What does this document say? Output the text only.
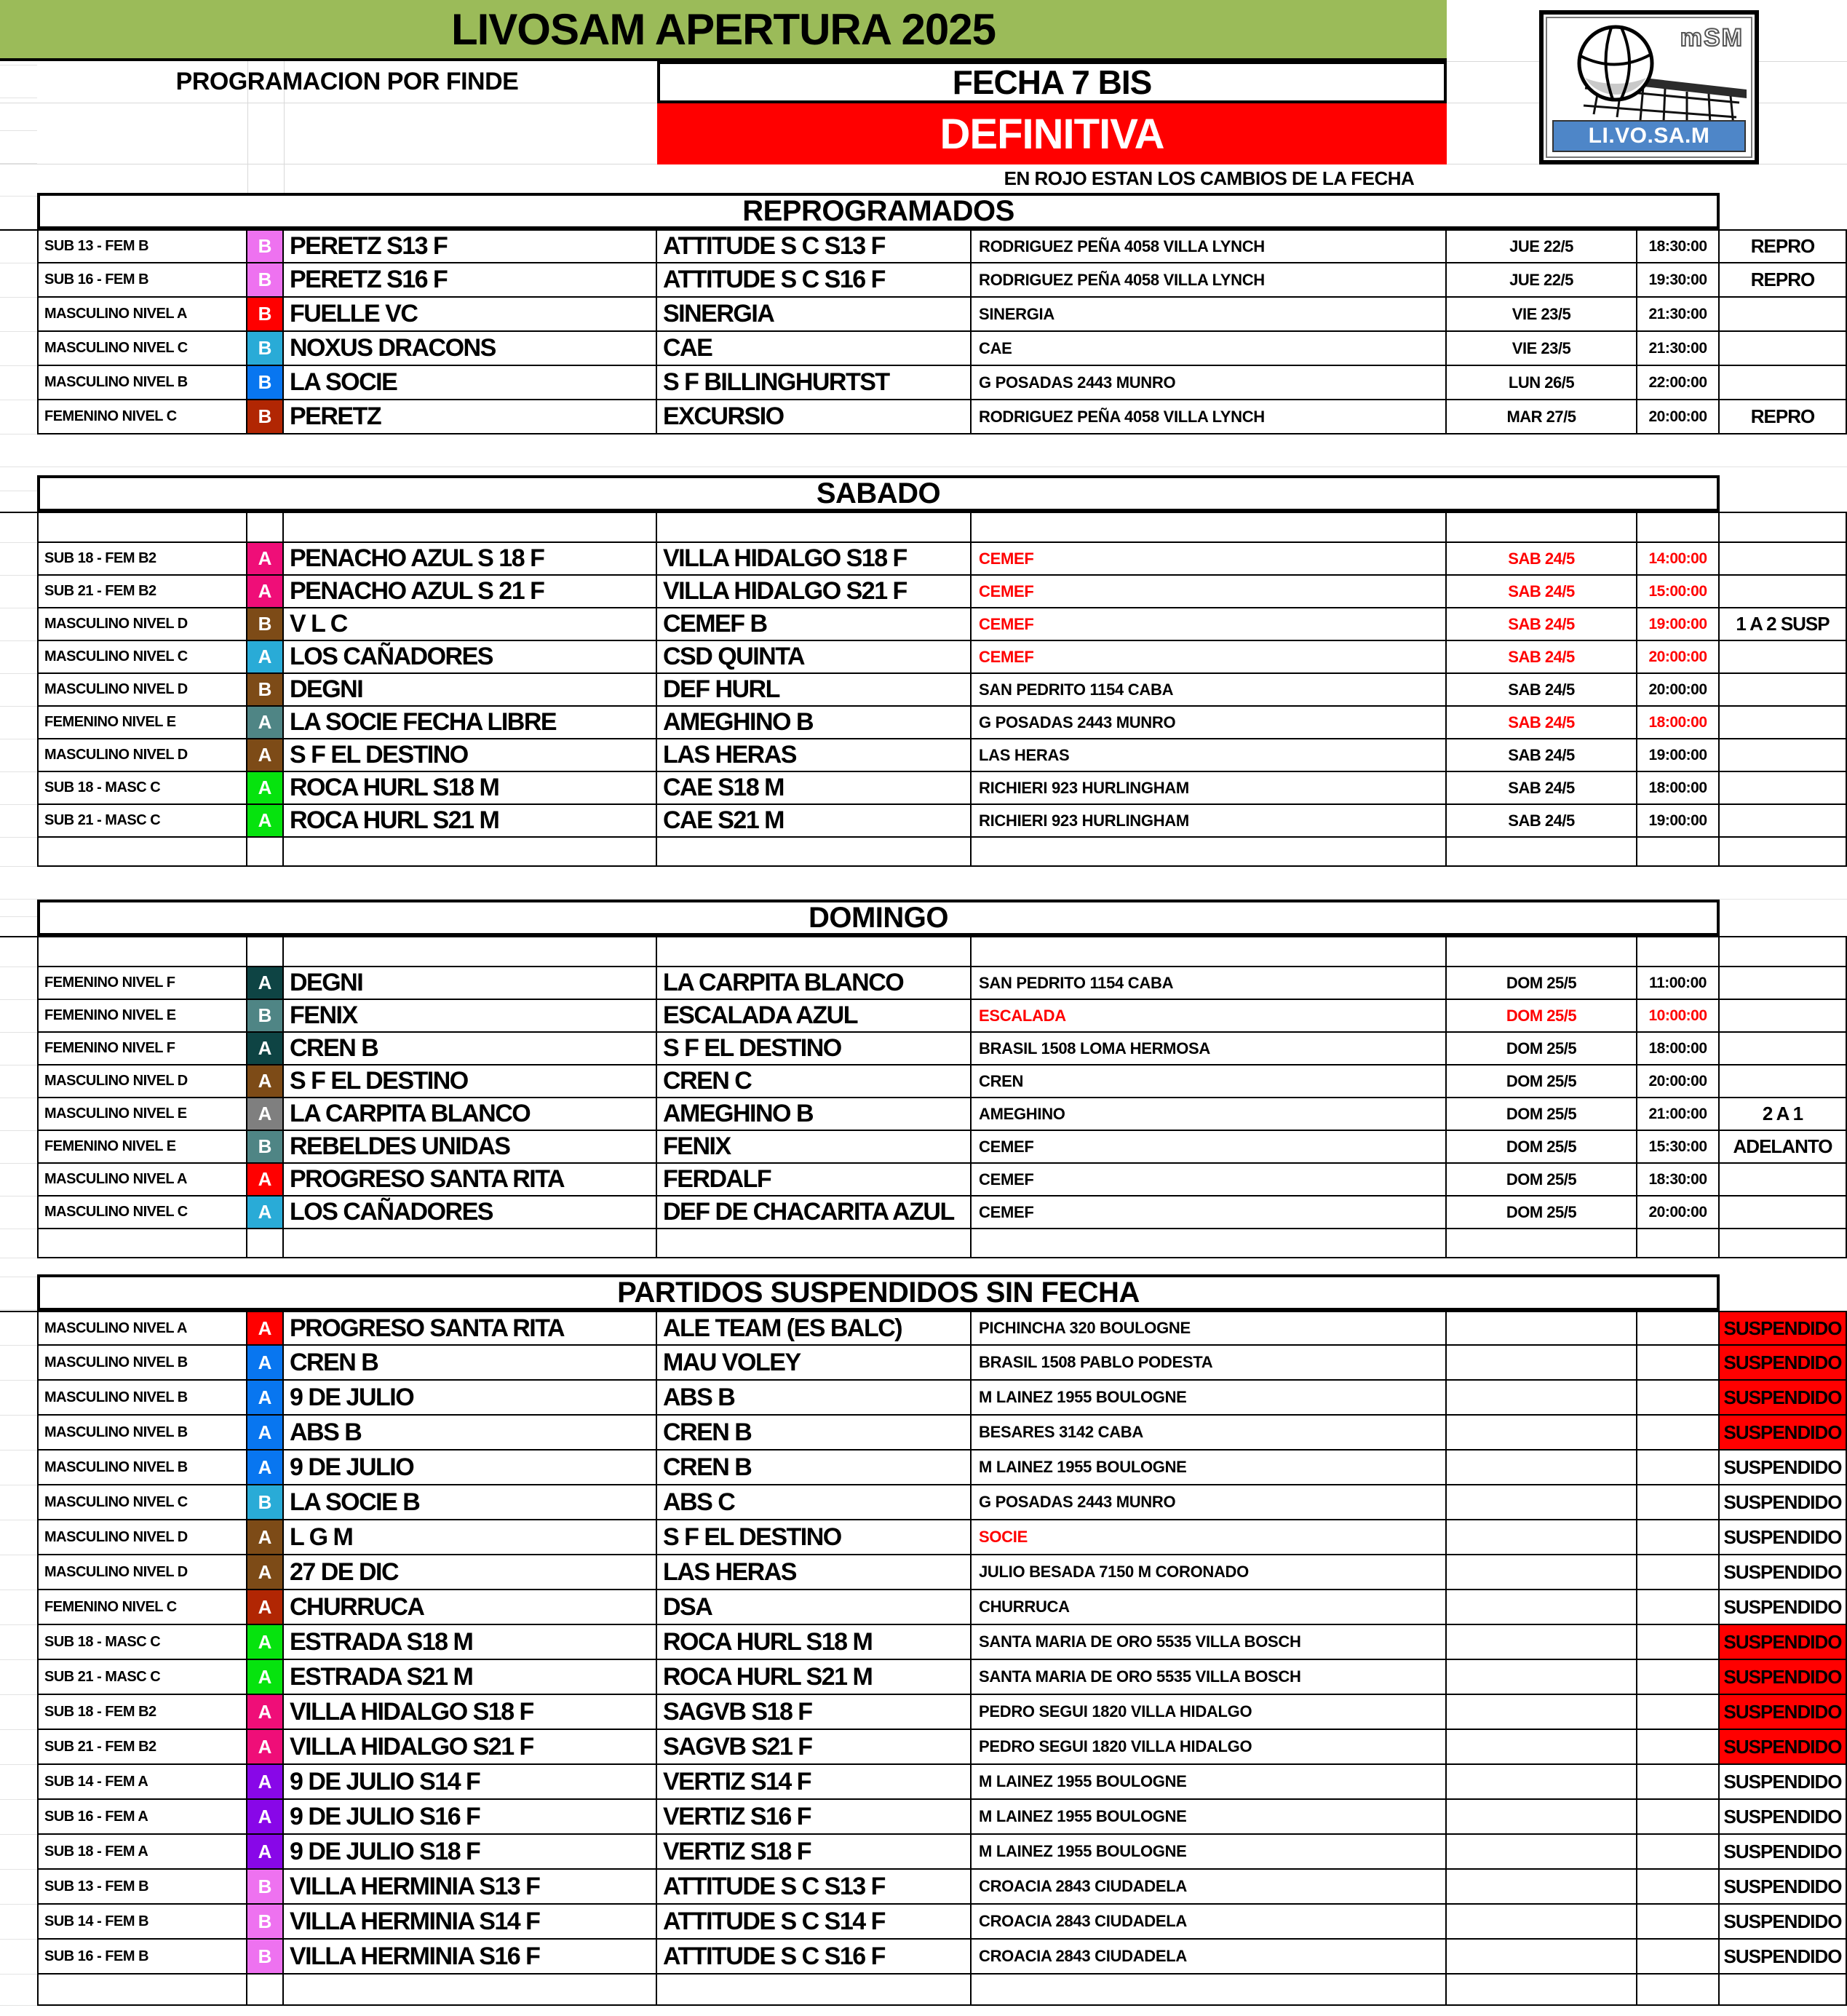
LIVOSAM APERTURA 2025
PROGRAMACION POR FINDE	FECHA 7 BIS
DEFINITIVA
EN ROJO ESTAN LOS CAMBIOS DE LA FECHA
mSM
LI.VO.SA.M
REPROGRAMADOS
SUB 13 - FEM B	B PERETZ S13 F	ATTITUDE S C S13 F	RODRIGUEZ PEÑA 4058 VILLA LYNCH	JUE 22/5	18:30:00	REPRO
SUB 16 - FEM B	B PERETZ S16 F	ATTITUDE S C S16 F	RODRIGUEZ PEÑA 4058 VILLA LYNCH	JUE 22/5	19:30:00	REPRO
MASCULINO NIVEL A	B FUELLE VC	SINERGIA	SINERGIA	VIE 23/5	21:30:00
MASCULINO NIVEL C	B NOXUS DRACONS	CAE	CAE	VIE 23/5	21:30:00
MASCULINO NIVEL B	B LA SOCIE	S F BILLINGHURTST	G POSADAS 2443 MUNRO	LUN 26/5	22:00:00
FEMENINO NIVEL C	B PERETZ	EXCURSIO	RODRIGUEZ PEÑA 4058 VILLA LYNCH	MAR 27/5	20:00:00	REPRO
SABADO
SUB 18 - FEM B2	A PENACHO AZUL S 18 F	VILLA HIDALGO S18 F	CEMEF	SAB 24/5	14:00:00
SUB 21 - FEM B2	A PENACHO AZUL S 21 F	VILLA HIDALGO S21 F	CEMEF	SAB 24/5	15:00:00
MASCULINO NIVEL D	B V L C	CEMEF B	CEMEF	SAB 24/5	19:00:00	1 A 2 SUSP
MASCULINO NIVEL C	A LOS CAÑADORES	CSD QUINTA	CEMEF	SAB 24/5	20:00:00
MASCULINO NIVEL D	B DEGNI	DEF HURL	SAN PEDRITO 1154 CABA	SAB 24/5	20:00:00
FEMENINO NIVEL E	A LA SOCIE FECHA LIBRE	AMEGHINO B	G POSADAS 2443 MUNRO	SAB 24/5	18:00:00
MASCULINO NIVEL D	A S F EL DESTINO	LAS HERAS	LAS HERAS	SAB 24/5	19:00:00
SUB 18 - MASC C	A ROCA HURL S18 M	CAE S18 M	RICHIERI 923 HURLINGHAM	SAB 24/5	18:00:00
SUB 21 - MASC C	A ROCA HURL S21 M	CAE S21 M	RICHIERI 923 HURLINGHAM	SAB 24/5	19:00:00
DOMINGO
FEMENINO NIVEL F	A DEGNI	LA CARPITA BLANCO	SAN PEDRITO 1154 CABA	DOM 25/5	11:00:00
FEMENINO NIVEL E	B FENIX	ESCALADA AZUL	ESCALADA	DOM 25/5	10:00:00
FEMENINO NIVEL F	A CREN B	S F EL DESTINO	BRASIL 1508 LOMA HERMOSA	DOM 25/5	18:00:00
MASCULINO NIVEL D	A S F EL DESTINO	CREN C	CREN	DOM 25/5	20:00:00
MASCULINO NIVEL E	A LA CARPITA BLANCO	AMEGHINO B	AMEGHINO	DOM 25/5	21:00:00	2 A 1
FEMENINO NIVEL E	B REBELDES UNIDAS	FENIX	CEMEF	DOM 25/5	15:30:00	ADELANTO
MASCULINO NIVEL A	A PROGRESO SANTA RITA	FERDALF	CEMEF	DOM 25/5	18:30:00
MASCULINO NIVEL C	A LOS CAÑADORES	DEF DE CHACARITA AZUL	CEMEF	DOM 25/5	20:00:00
PARTIDOS SUSPENDIDOS SIN FECHA
MASCULINO NIVEL A	A PROGRESO SANTA RITA	ALE TEAM (ES BALC)	PICHINCHA 320 BOULOGNE	SUSPENDIDO
MASCULINO NIVEL B	A CREN B	MAU VOLEY	BRASIL 1508 PABLO PODESTA	SUSPENDIDO
MASCULINO NIVEL B	A 9 DE JULIO	ABS B	M LAINEZ 1955 BOULOGNE	SUSPENDIDO
MASCULINO NIVEL B	A ABS B	CREN B	BESARES 3142 CABA	SUSPENDIDO
MASCULINO NIVEL B	A 9 DE JULIO	CREN B	M LAINEZ 1955 BOULOGNE	SUSPENDIDO
MASCULINO NIVEL C	B LA SOCIE B	ABS C	G POSADAS 2443 MUNRO	SUSPENDIDO
MASCULINO NIVEL D	A L G M	S F EL DESTINO	SOCIE	SUSPENDIDO
MASCULINO NIVEL D	A 27 DE DIC	LAS HERAS	JULIO BESADA 7150 M CORONADO	SUSPENDIDO
FEMENINO NIVEL C	A CHURRUCA	DSA	CHURRUCA	SUSPENDIDO
SUB 18 - MASC C	A ESTRADA S18 M	ROCA HURL S18 M	SANTA MARIA DE ORO 5535 VILLA BOSCH	SUSPENDIDO
SUB 21 - MASC C	A ESTRADA S21 M	ROCA HURL S21 M	SANTA MARIA DE ORO 5535 VILLA BOSCH	SUSPENDIDO
SUB 18 - FEM B2	A VILLA HIDALGO S18 F	SAGVB S18 F	PEDRO SEGUI 1820 VILLA HIDALGO	SUSPENDIDO
SUB 21 - FEM B2	A VILLA HIDALGO S21 F	SAGVB S21 F	PEDRO SEGUI 1820 VILLA HIDALGO	SUSPENDIDO
SUB 14 - FEM A	A 9 DE JULIO S14 F	VERTIZ S14 F	M LAINEZ 1955 BOULOGNE	SUSPENDIDO
SUB 16 - FEM A	A 9 DE JULIO S16 F	VERTIZ S16 F	M LAINEZ 1955 BOULOGNE	SUSPENDIDO
SUB 18 - FEM A	A 9 DE JULIO S18 F	VERTIZ S18 F	M LAINEZ 1955 BOULOGNE	SUSPENDIDO
SUB 13 - FEM B	B VILLA HERMINIA S13 F	ATTITUDE S C S13 F	CROACIA 2843 CIUDADELA	SUSPENDIDO
SUB 14 - FEM B	B VILLA HERMINIA S14 F	ATTITUDE S C S14 F	CROACIA 2843 CIUDADELA	SUSPENDIDO
SUB 16 - FEM B	B VILLA HERMINIA S16 F	ATTITUDE S C S16 F	CROACIA 2843 CIUDADELA	SUSPENDIDO
